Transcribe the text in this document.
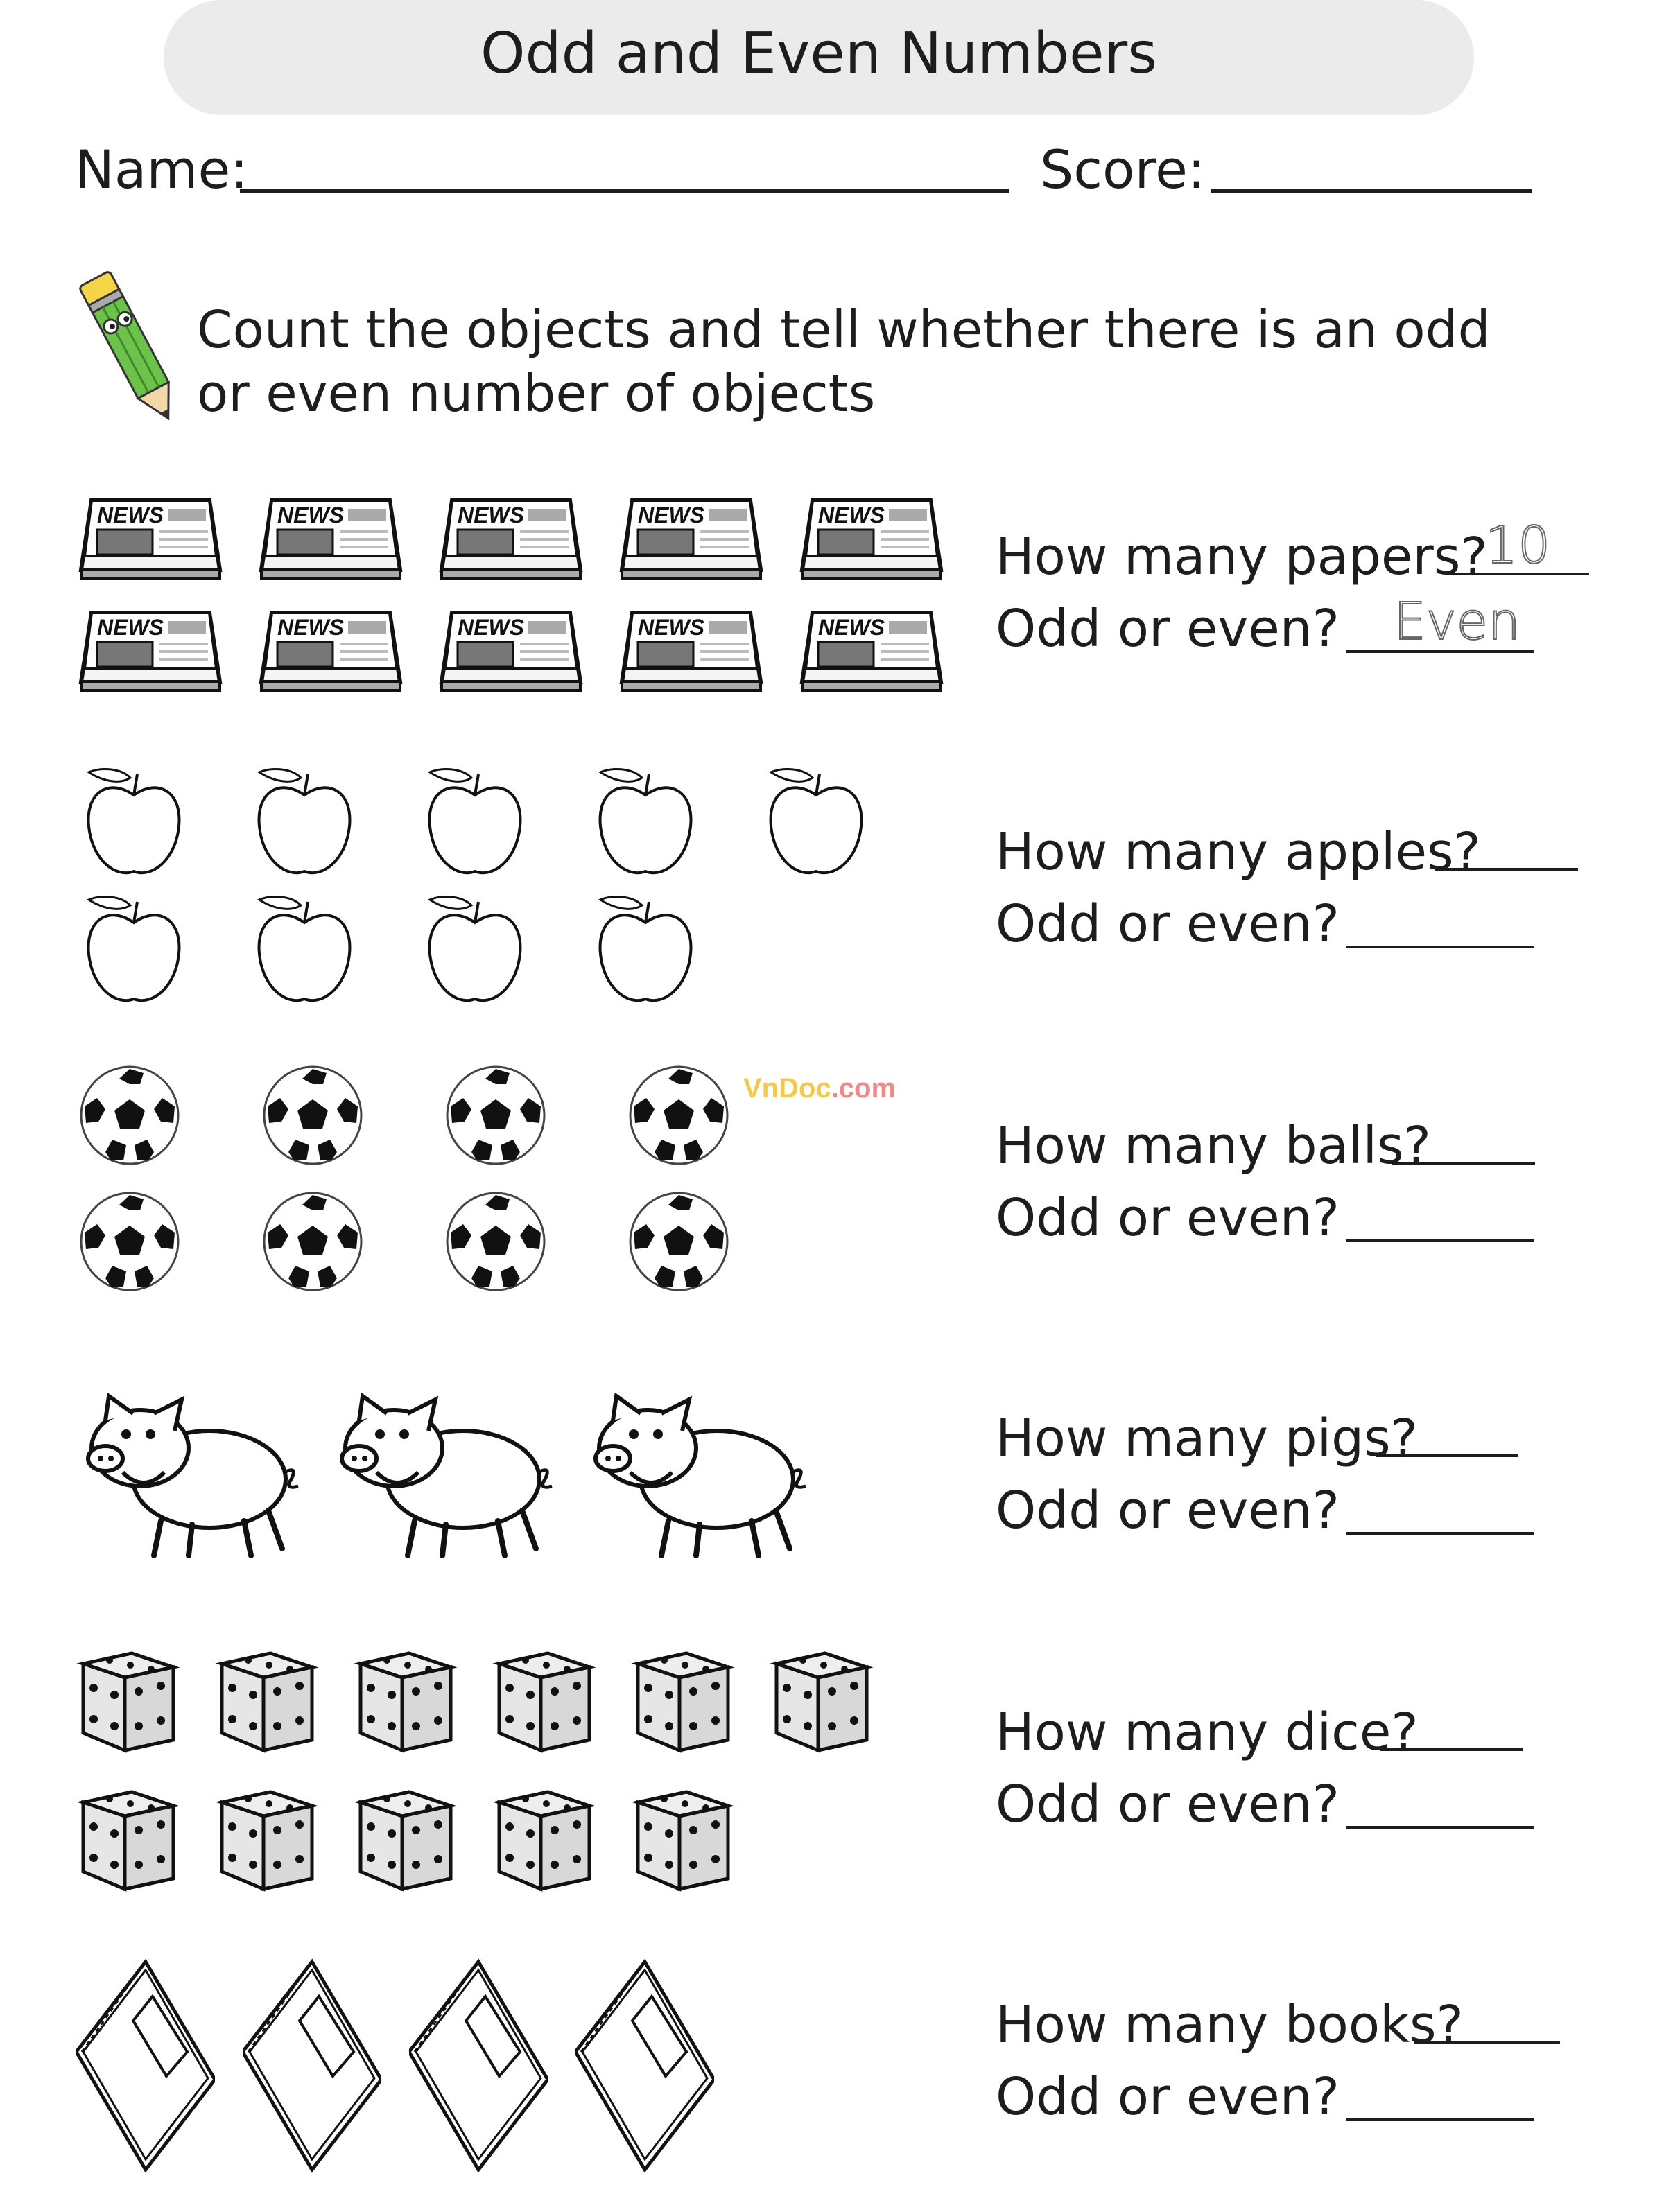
Odd and Even Numbers
Name:	Score:
Count the objects and tell whether there is an odd or even number of objects
NEWS	NEWS	NEWS	NEWS	NEWS
NEWS	NEWS	NEWS	NEWS	NEWS
How many papers?
10
Odd or even? Even
How many apples?
Odd or even?
How many balls?
Odd or even?
How many pigs?
Odd or even?
How many dice?
Odd or even?
How many books?
Odd or even?
VnDoc.com
